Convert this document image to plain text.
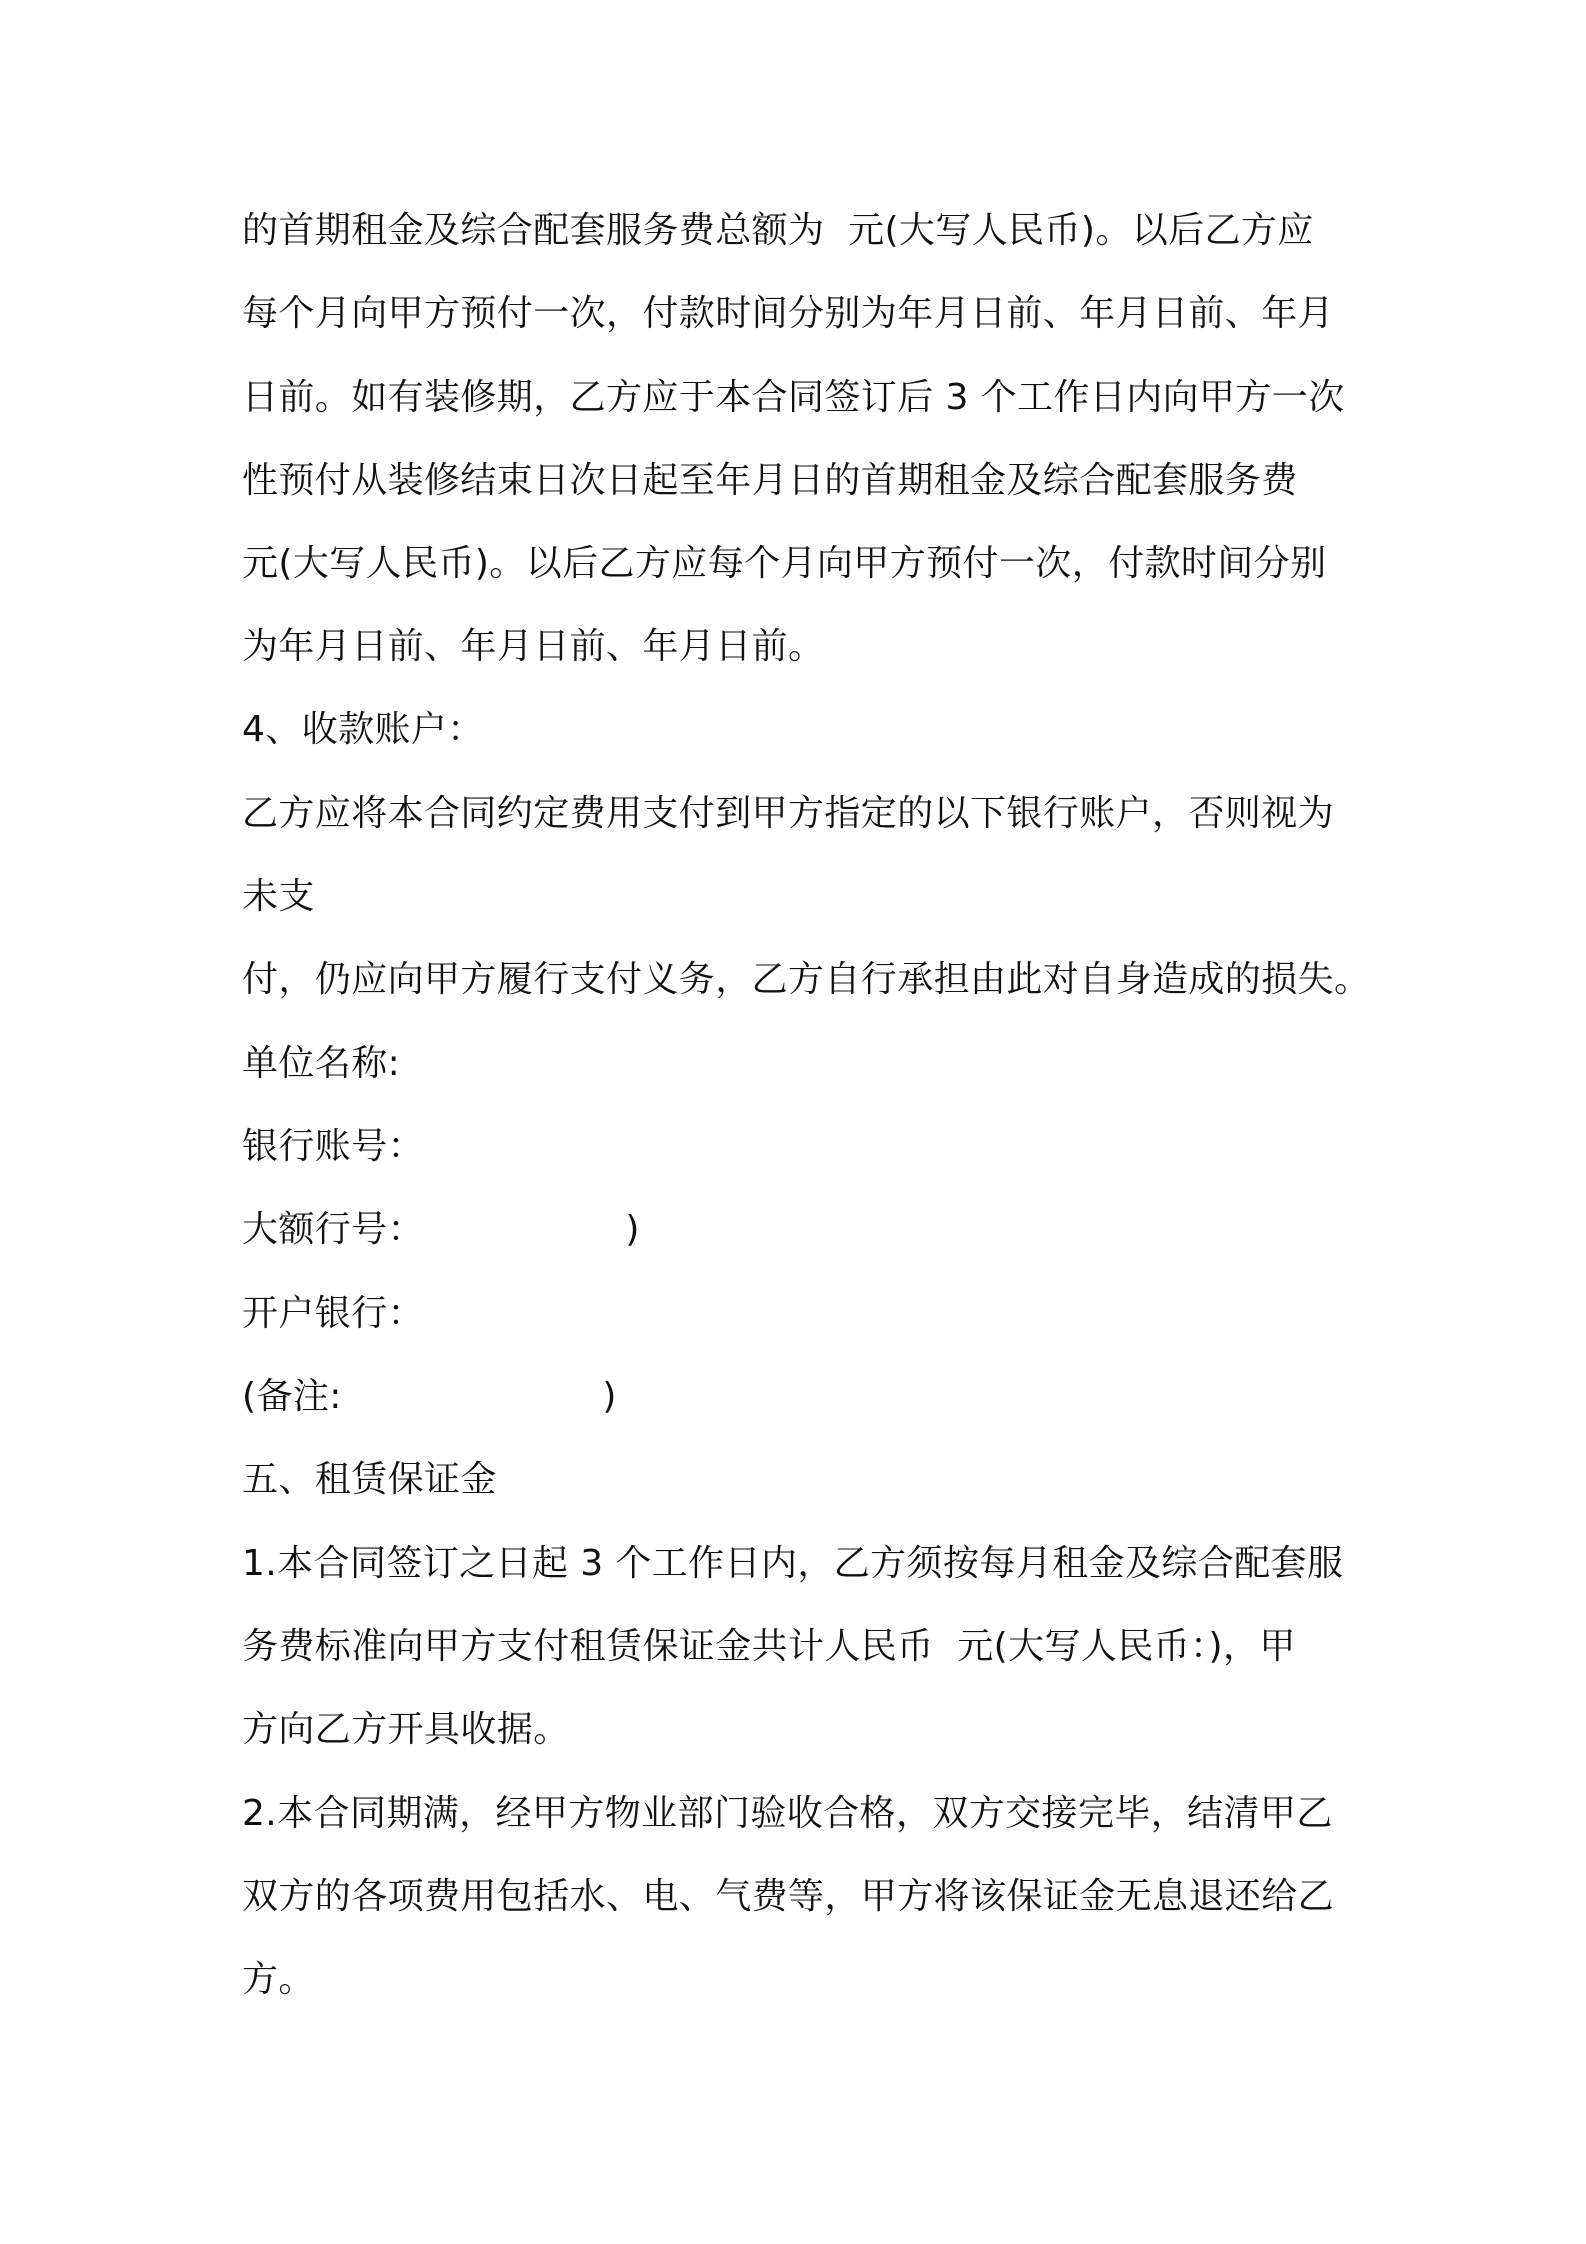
的首期租金及综合配套服务费总额为  元(大写人民币)。以后乙方应

每个月向甲方预付一次，付款时间分别为年月日前、年月日前、年月

日前。如有装修期，乙方应于本合同签订后 3 个工作日内向甲方一次

性预付从装修结束日次日起至年月日的首期租金及综合配套服务费

元(大写人民币)。以后乙方应每个月向甲方预付一次，付款时间分别

为年月日前、年月日前、年月日前。

4、收款账户：

乙方应将本合同约定费用支付到甲方指定的以下银行账户，否则视为

未支

付，仍应向甲方履行支付义务，乙方自行承担由此对自身造成的损失。

单位名称:

银行账号：

大额行号：                 )

开户银行：

(备注:                      )

五、租赁保证金

1.本合同签订之日起 3 个工作日内，乙方须按每月租金及综合配套服

务费标准向甲方支付租赁保证金共计人民币  元(大写人民币：)，甲

方向乙方开具收据。

2.本合同期满，经甲方物业部门验收合格，双方交接完毕，结清甲乙

双方的各项费用包括水、电、气费等，甲方将该保证金无息退还给乙

方。
